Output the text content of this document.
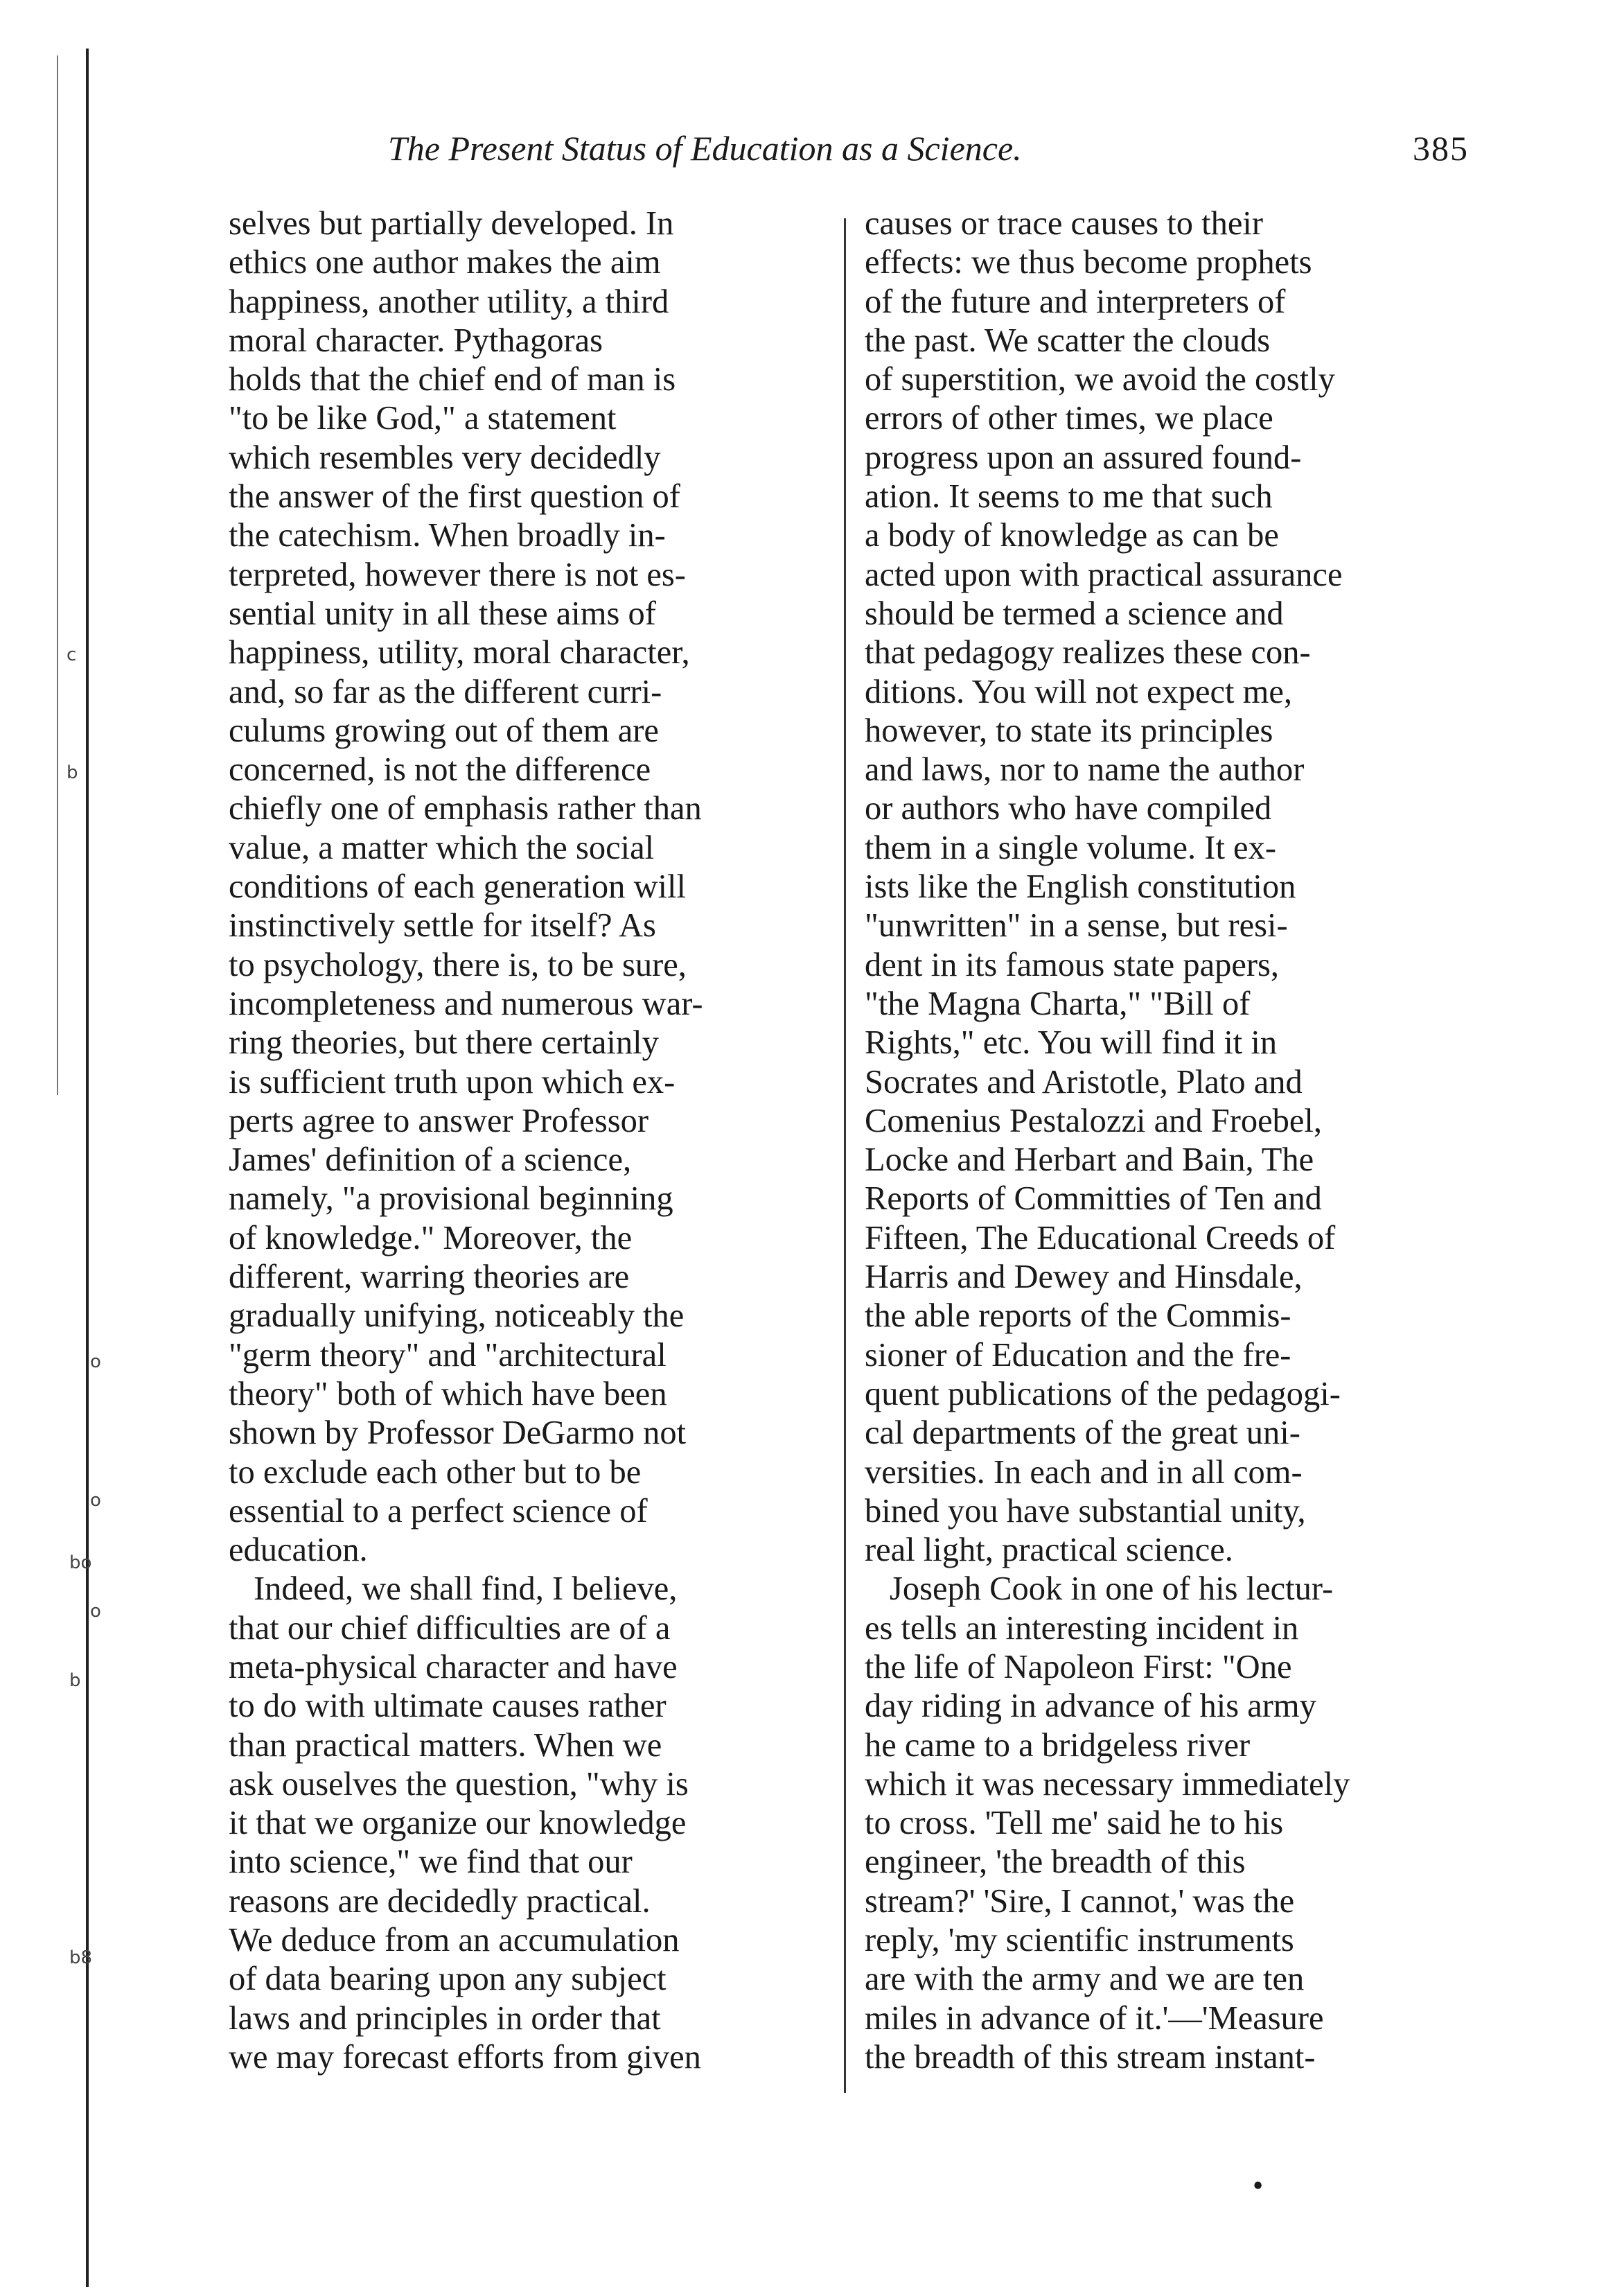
c
b
o
o
bo
o
b
b8
The Present Status of Education as a Science.	385
selves but partially developed. In
ethics one author makes the aim
happiness, another utility, a third
moral character. Pythagoras
holds that the chief end of man is
"to be like God," a statement
which resembles very decidedly
the answer of the first question of
the catechism. When broadly in-
terpreted, however there is not es-
sential unity in all these aims of
happiness, utility, moral character,
and, so far as the different curri-
culums growing out of them are
concerned, is not the difference
chiefly one of emphasis rather than
value, a matter which the social
conditions of each generation will
instinctively settle for itself? As
to psychology, there is, to be sure,
incompleteness and numerous war-
ring theories, but there certainly
is sufficient truth upon which ex-
perts agree to answer Professor
James' definition of a science,
namely, "a provisional beginning
of knowledge." Moreover, the
different, warring theories are
gradually unifying, noticeably the
"germ theory" and "architectural
theory" both of which have been
shown by Professor DeGarmo not
to exclude each other but to be
essential to a perfect science of
education.
Indeed, we shall find, I believe,
that our chief difficulties are of a
meta-physical character and have
to do with ultimate causes rather
than practical matters. When we
ask ouselves the question, "why is
it that we organize our knowledge
into science," we find that our
reasons are decidedly practical.
We deduce from an accumulation
of data bearing upon any subject
laws and principles in order that
we may forecast efforts from given
causes or trace causes to their
effects: we thus become prophets
of the future and interpreters of
the past. We scatter the clouds
of superstition, we avoid the costly
errors of other times, we place
progress upon an assured found-
ation. It seems to me that such
a body of knowledge as can be
acted upon with practical assurance
should be termed a science and
that pedagogy realizes these con-
ditions. You will not expect me,
however, to state its principles
and laws, nor to name the author
or authors who have compiled
them in a single volume. It ex-
ists like the English constitution
"unwritten" in a sense, but resi-
dent in its famous state papers,
"the Magna Charta," "Bill of
Rights," etc. You will find it in
Socrates and Aristotle, Plato and
Comenius Pestalozzi and Froebel,
Locke and Herbart and Bain, The
Reports of Committies of Ten and
Fifteen, The Educational Creeds of
Harris and Dewey and Hinsdale,
the able reports of the Commis-
sioner of Education and the fre-
quent publications of the pedagogi-
cal departments of the great uni-
versities. In each and in all com-
bined you have substantial unity,
real light, practical science.
Joseph Cook in one of his lectur-
es tells an interesting incident in
the life of Napoleon First: "One
day riding in advance of his army
he came to a bridgeless river
which it was necessary immediately
to cross. 'Tell me' said he to his
engineer, 'the breadth of this
stream?' 'Sire, I cannot,' was the
reply, 'my scientific instruments
are with the army and we are ten
miles in advance of it.'—'Measure
the breadth of this stream instant-
•
